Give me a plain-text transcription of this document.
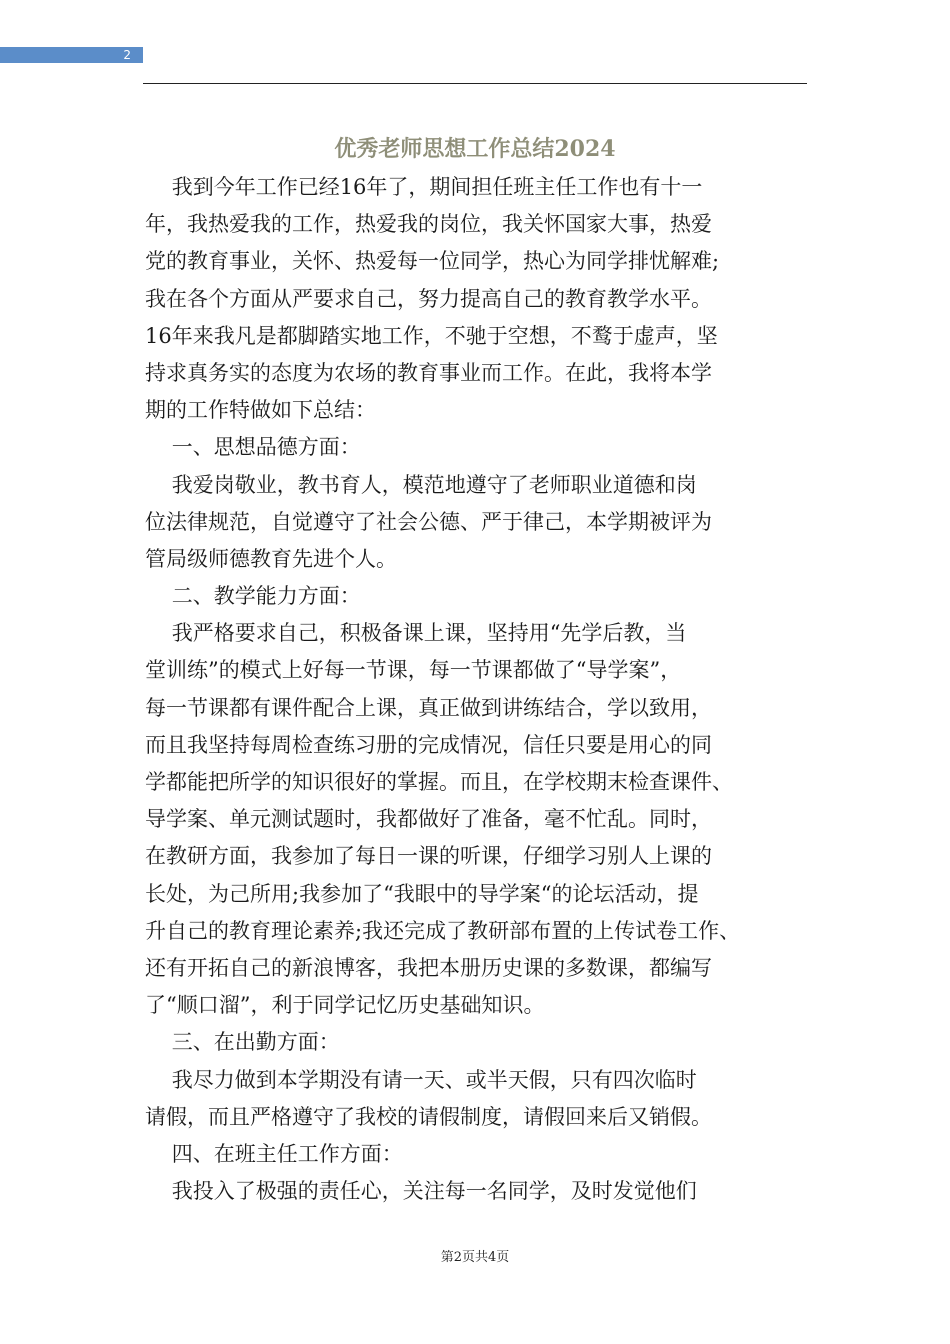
2
优秀老师思想工作总结2024
我到今年工作已经16年了，期间担任班主任工作也有十一
年，我热爱我的工作，热爱我的岗位，我关怀国家大事，热爱
党的教育事业，关怀、热爱每一位同学，热心为同学排忧解难;
我在各个方面从严要求自己，努力提高自己的教育教学水平。
16年来我凡是都脚踏实地工作，不驰于空想，不鹜于虚声，坚
持求真务实的态度为农场的教育事业而工作。在此，我将本学
期的工作特做如下总结：
一、思想品德方面：
我爱岗敬业，教书育人，模范地遵守了老师职业道德和岗
位法律规范，自觉遵守了社会公德、严于律己，本学期被评为
管局级师德教育先进个人。
二、教学能力方面：
我严格要求自己，积极备课上课，坚持用“先学后教，当
堂训练”的模式上好每一节课，每一节课都做了“导学案”，
每一节课都有课件配合上课，真正做到讲练结合，学以致用，
而且我坚持每周检查练习册的完成情况，信任只要是用心的同
学都能把所学的知识很好的掌握。而且，在学校期末检查课件、
导学案、单元测试题时，我都做好了准备，毫不忙乱。同时，
在教研方面，我参加了每日一课的听课，仔细学习别人上课的
长处，为己所用;我参加了“我眼中的导学案“的论坛活动，提
升自己的教育理论素养;我还完成了教研部布置的上传试卷工作、
还有开拓自己的新浪博客，我把本册历史课的多数课，都编写
了“顺口溜”，利于同学记忆历史基础知识。
三、在出勤方面：
我尽力做到本学期没有请一天、或半天假，只有四次临时
请假，而且严格遵守了我校的请假制度，请假回来后又销假。
四、在班主任工作方面：
我投入了极强的责任心，关注每一名同学，及时发觉他们
第2页共4页
